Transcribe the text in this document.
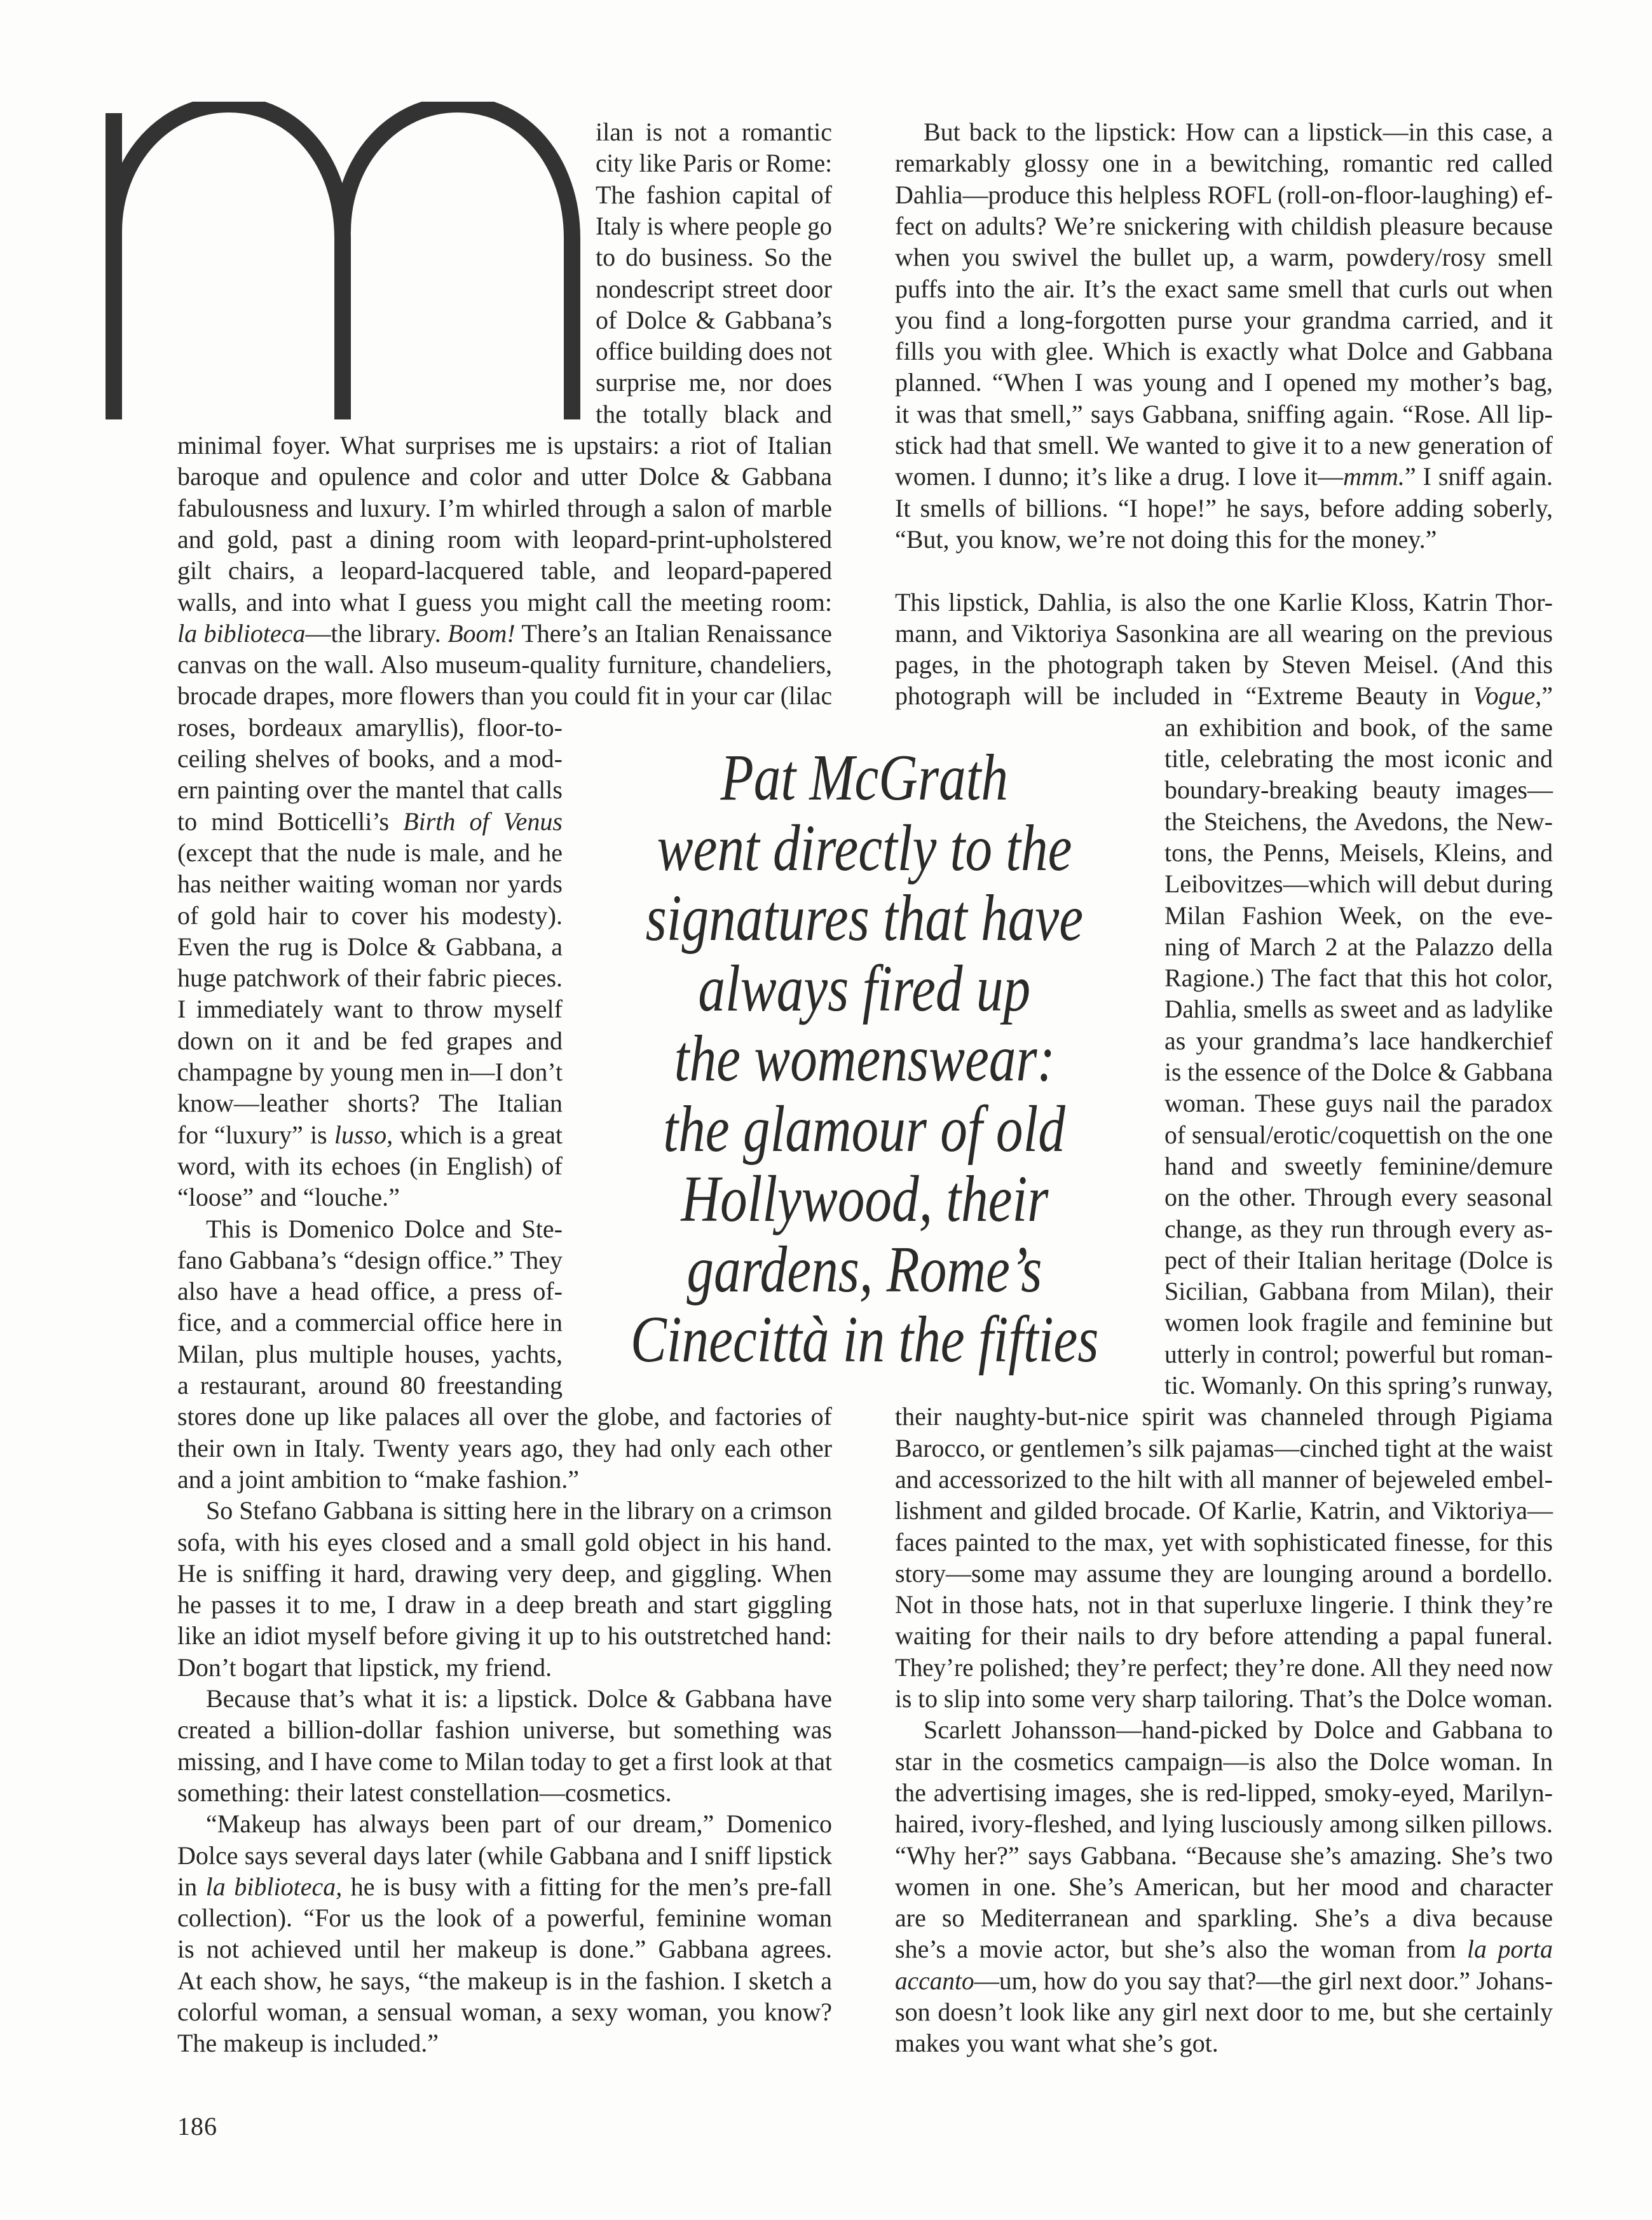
ilan is not a romantic
city like Paris or Rome:
The fashion capital of
Italy is where people go
to do business. So the
nondescript street door
of Dolce & Gabbana’s
office building does not
surprise me, nor does
the totally black and
minimal foyer. What surprises me is upstairs: a riot of Italian
baroque and opulence and color and utter Dolce & Gabbana
fabulousness and luxury. I’m whirled through a salon of marble
and gold, past a dining room with leopard-print-upholstered
gilt chairs, a leopard-lacquered table, and leopard-papered
walls, and into what I guess you might call the meeting room:
la biblioteca—the library. Boom! There’s an Italian Renaissance
canvas on the wall. Also museum-quality furniture, chandeliers,
brocade drapes, more flowers than you could fit in your car (lilac
roses, bordeaux amaryllis), floor-to-
ceiling shelves of books, and a mod-
ern painting over the mantel that calls
to mind Botticelli’s Birth of Venus
(except that the nude is male, and he
has neither waiting woman nor yards
of gold hair to cover his modesty).
Even the rug is Dolce & Gabbana, a
huge patchwork of their fabric pieces.
I immediately want to throw myself
down on it and be fed grapes and
champagne by young men in—I don’t
know—leather shorts? The Italian
for “luxury” is lusso, which is a great
word, with its echoes (in English) of
“loose” and “louche.”
This is Domenico Dolce and Ste-
fano Gabbana’s “design office.” They
also have a head office, a press of-
fice, and a commercial office here in
Milan, plus multiple houses, yachts,
a restaurant, around 80 freestanding
stores done up like palaces all over the globe, and factories of
their own in Italy. Twenty years ago, they had only each other
and a joint ambition to “make fashion.”
So Stefano Gabbana is sitting here in the library on a crimson
sofa, with his eyes closed and a small gold object in his hand.
He is sniffing it hard, drawing very deep, and giggling. When
he passes it to me, I draw in a deep breath and start giggling
like an idiot myself before giving it up to his outstretched hand:
Don’t bogart that lipstick, my friend.
Because that’s what it is: a lipstick. Dolce & Gabbana have
created a billion-dollar fashion universe, but something was
missing, and I have come to Milan today to get a first look at that
something: their latest constellation—cosmetics.
“Makeup has always been part of our dream,” Domenico
Dolce says several days later (while Gabbana and I sniff lipstick
in la biblioteca, he is busy with a fitting for the men’s pre-fall
collection). “For us the look of a powerful, feminine woman
is not achieved until her makeup is done.” Gabbana agrees.
At each show, he says, “the makeup is in the fashion. I sketch a
colorful woman, a sensual woman, a sexy woman, you know?
The makeup is included.”
But back to the lipstick: How can a lipstick—in this case, a
remarkably glossy one in a bewitching, romantic red called
Dahlia—produce this helpless ROFL (roll-on-floor-laughing) ef-
fect on adults? We’re snickering with childish pleasure because
when you swivel the bullet up, a warm, powdery/rosy smell
puffs into the air. It’s the exact same smell that curls out when
you find a long-forgotten purse your grandma carried, and it
fills you with glee. Which is exactly what Dolce and Gabbana
planned. “When I was young and I opened my mother’s bag,
it was that smell,” says Gabbana, sniffing again. “Rose. All lip-
stick had that smell. We wanted to give it to a new generation of
women. I dunno; it’s like a drug. I love it—mmm.” I sniff again.
It smells of billions. “I hope!” he says, before adding soberly,
“But, you know, we’re not doing this for the money.”
This lipstick, Dahlia, is also the one Karlie Kloss, Katrin Thor-
mann, and Viktoriya Sasonkina are all wearing on the previous
pages, in the photograph taken by Steven Meisel. (And this
photograph will be included in “Extreme Beauty in Vogue,”
an exhibition and book, of the same
title, celebrating the most iconic and
boundary-breaking beauty images—
the Steichens, the Avedons, the New-
tons, the Penns, Meisels, Kleins, and
Leibovitzes—which will debut during
Milan Fashion Week, on the eve-
ning of March 2 at the Palazzo della
Ragione.) The fact that this hot color,
Dahlia, smells as sweet and as ladylike
as your grandma’s lace handkerchief
is the essence of the Dolce & Gabbana
woman. These guys nail the paradox
of sensual/erotic/coquettish on the one
hand and sweetly feminine/demure
on the other. Through every seasonal
change, as they run through every as-
pect of their Italian heritage (Dolce is
Sicilian, Gabbana from Milan), their
women look fragile and feminine but
utterly in control; powerful but roman-
tic. Womanly. On this spring’s runway,
their naughty-but-nice spirit was channeled through Pigiama
Barocco, or gentlemen’s silk pajamas—cinched tight at the waist
and accessorized to the hilt with all manner of bejeweled embel-
lishment and gilded brocade. Of Karlie, Katrin, and Viktoriya—
faces painted to the max, yet with sophisticated finesse, for this
story—some may assume they are lounging around a bordello.
Not in those hats, not in that superluxe lingerie. I think they’re
waiting for their nails to dry before attending a papal funeral.
They’re polished; they’re perfect; they’re done. All they need now
is to slip into some very sharp tailoring. That’s the Dolce woman.
Scarlett Johansson—hand-picked by Dolce and Gabbana to
star in the cosmetics campaign—is also the Dolce woman. In
the advertising images, she is red-lipped, smoky-eyed, Marilyn-
haired, ivory-fleshed, and lying lusciously among silken pillows.
“Why her?” says Gabbana. “Because she’s amazing. She’s two
women in one. She’s American, but her mood and character
are so Mediterranean and sparkling. She’s a diva because
she’s a movie actor, but she’s also the woman from la porta
accanto—um, how do you say that?—the girl next door.” Johans-
son doesn’t look like any girl next door to me, but she certainly
makes you want what she’s got.
Pat McGrath
went directly to the
signatures that have
always fired up
the womenswear:
the glamour of old
Hollywood, their
gardens, Rome’s
Cinecittà in the fifties
186
